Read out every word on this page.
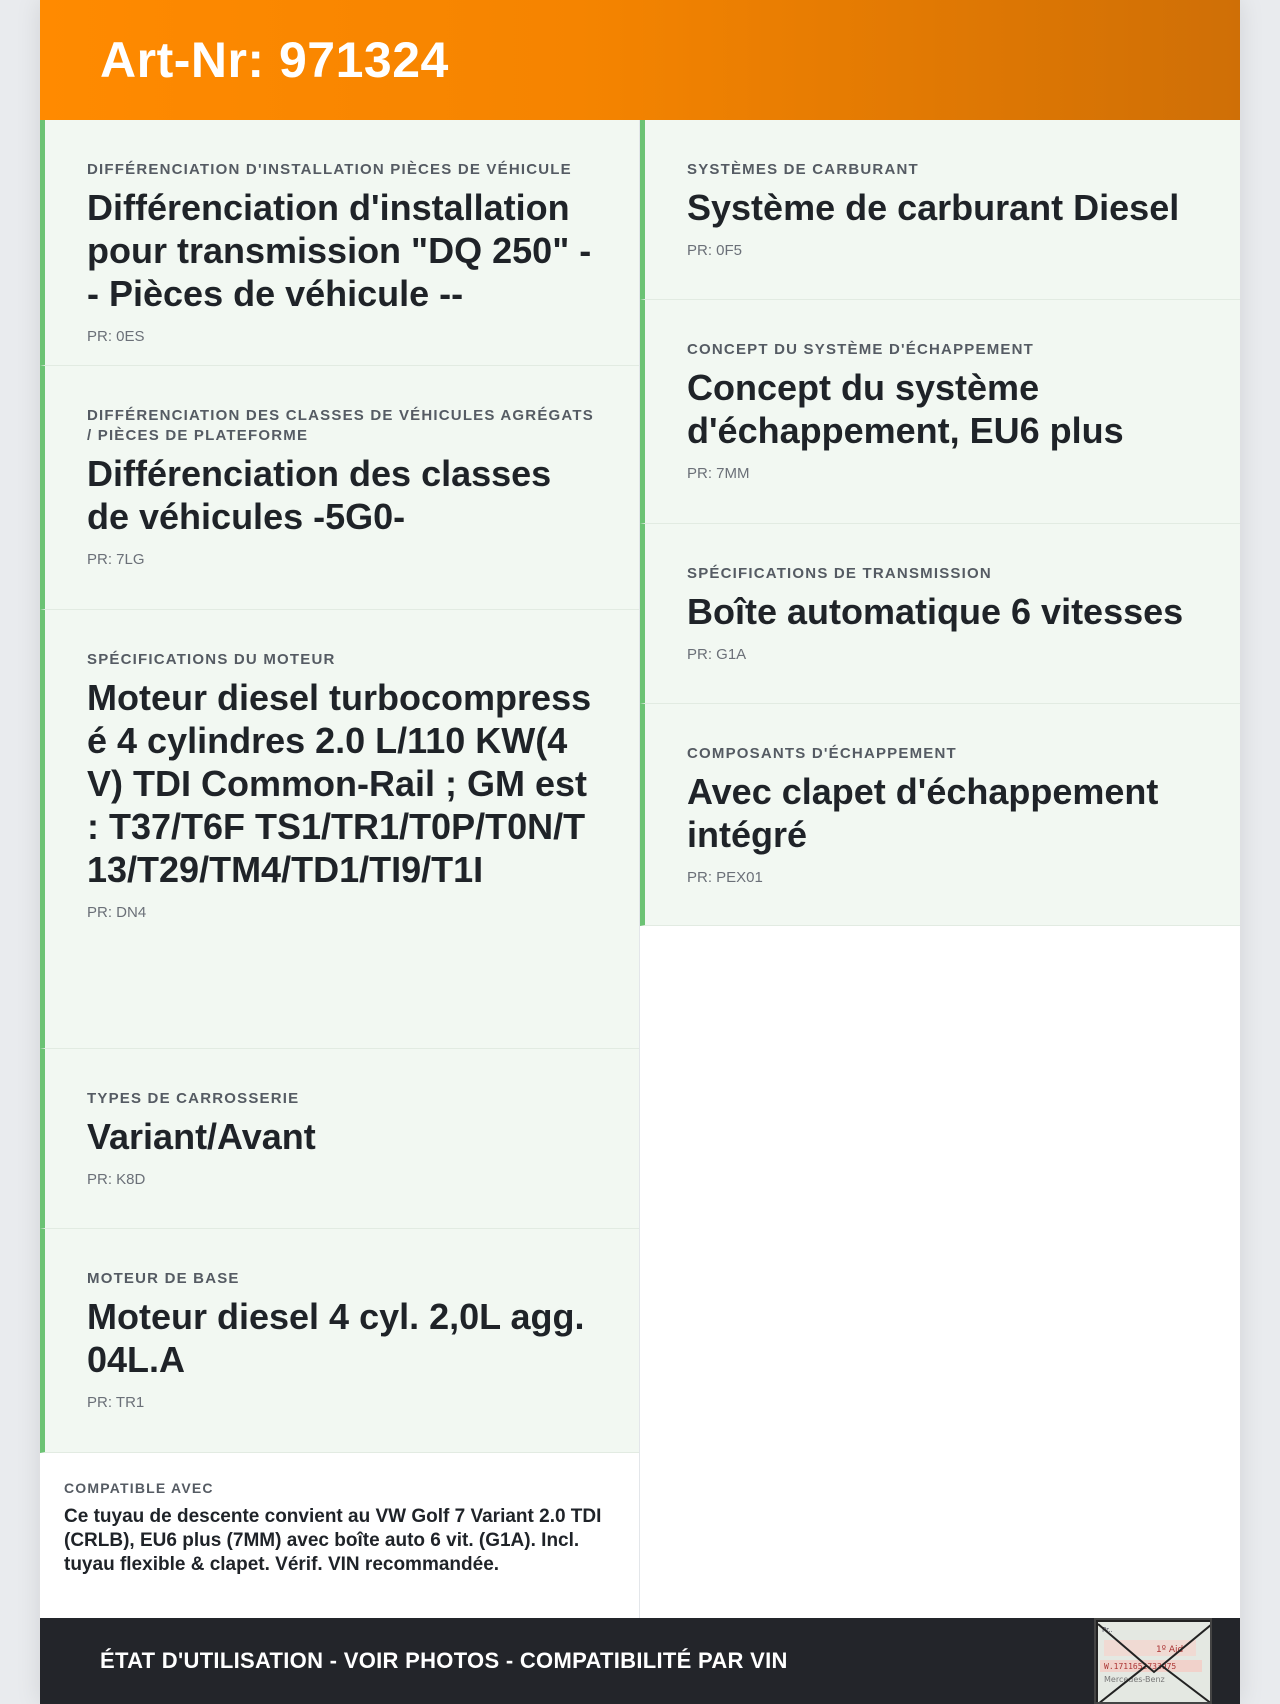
Art-Nr: 971324
DIFFÉRENCIATION D'INSTALLATION PIÈCES DE VÉHICULE
Différenciation d'installation pour transmission "DQ 250" -- Pièces de véhicule --
PR: 0ES
DIFFÉRENCIATION DES CLASSES DE VÉHICULES AGRÉGATS / PIÈCES DE PLATEFORME
Différenciation des classes de véhicules -5G0-
PR: 7LG
SPÉCIFICATIONS DU MOTEUR
Moteur diesel turbocompressé 4 cylindres 2.0 L/110 KW(4V) TDI Common-Rail ; GM est : T37/T6F TS1/TR1/T0P/T0N/T13/T29/TM4/TD1/TI9/T1I
PR: DN4
TYPES DE CARROSSERIE
Variant/Avant
PR: K8D
MOTEUR DE BASE
Moteur diesel 4 cyl. 2,0L agg. 04L.A
PR: TR1
COMPATIBLE AVEC
Ce tuyau de descente convient au VW Golf 7 Variant 2.0 TDI (CRLB), EU6 plus (7MM) avec boîte auto 6 vit. (G1A). Incl. tuyau flexible & clapet. Vérif. VIN recommandée.
SYSTÈMES DE CARBURANT
Système de carburant Diesel
PR: 0F5
CONCEPT DU SYSTÈME D'ÉCHAPPEMENT
Concept du système d'échappement, EU6 plus
PR: 7MM
SPÉCIFICATIONS DE TRANSMISSION
Boîte automatique 6 vitesses
PR: G1A
COMPOSANTS D'ÉCHAPPEMENT
Avec clapet d'échappement intégré
PR: PEX01
ÉTAT D'UTILISATION - VOIR PHOTOS - COMPATIBILITÉ PAR VIN
Pr..
1º Ajd
W.1711652733975
Mercedes-Benz
